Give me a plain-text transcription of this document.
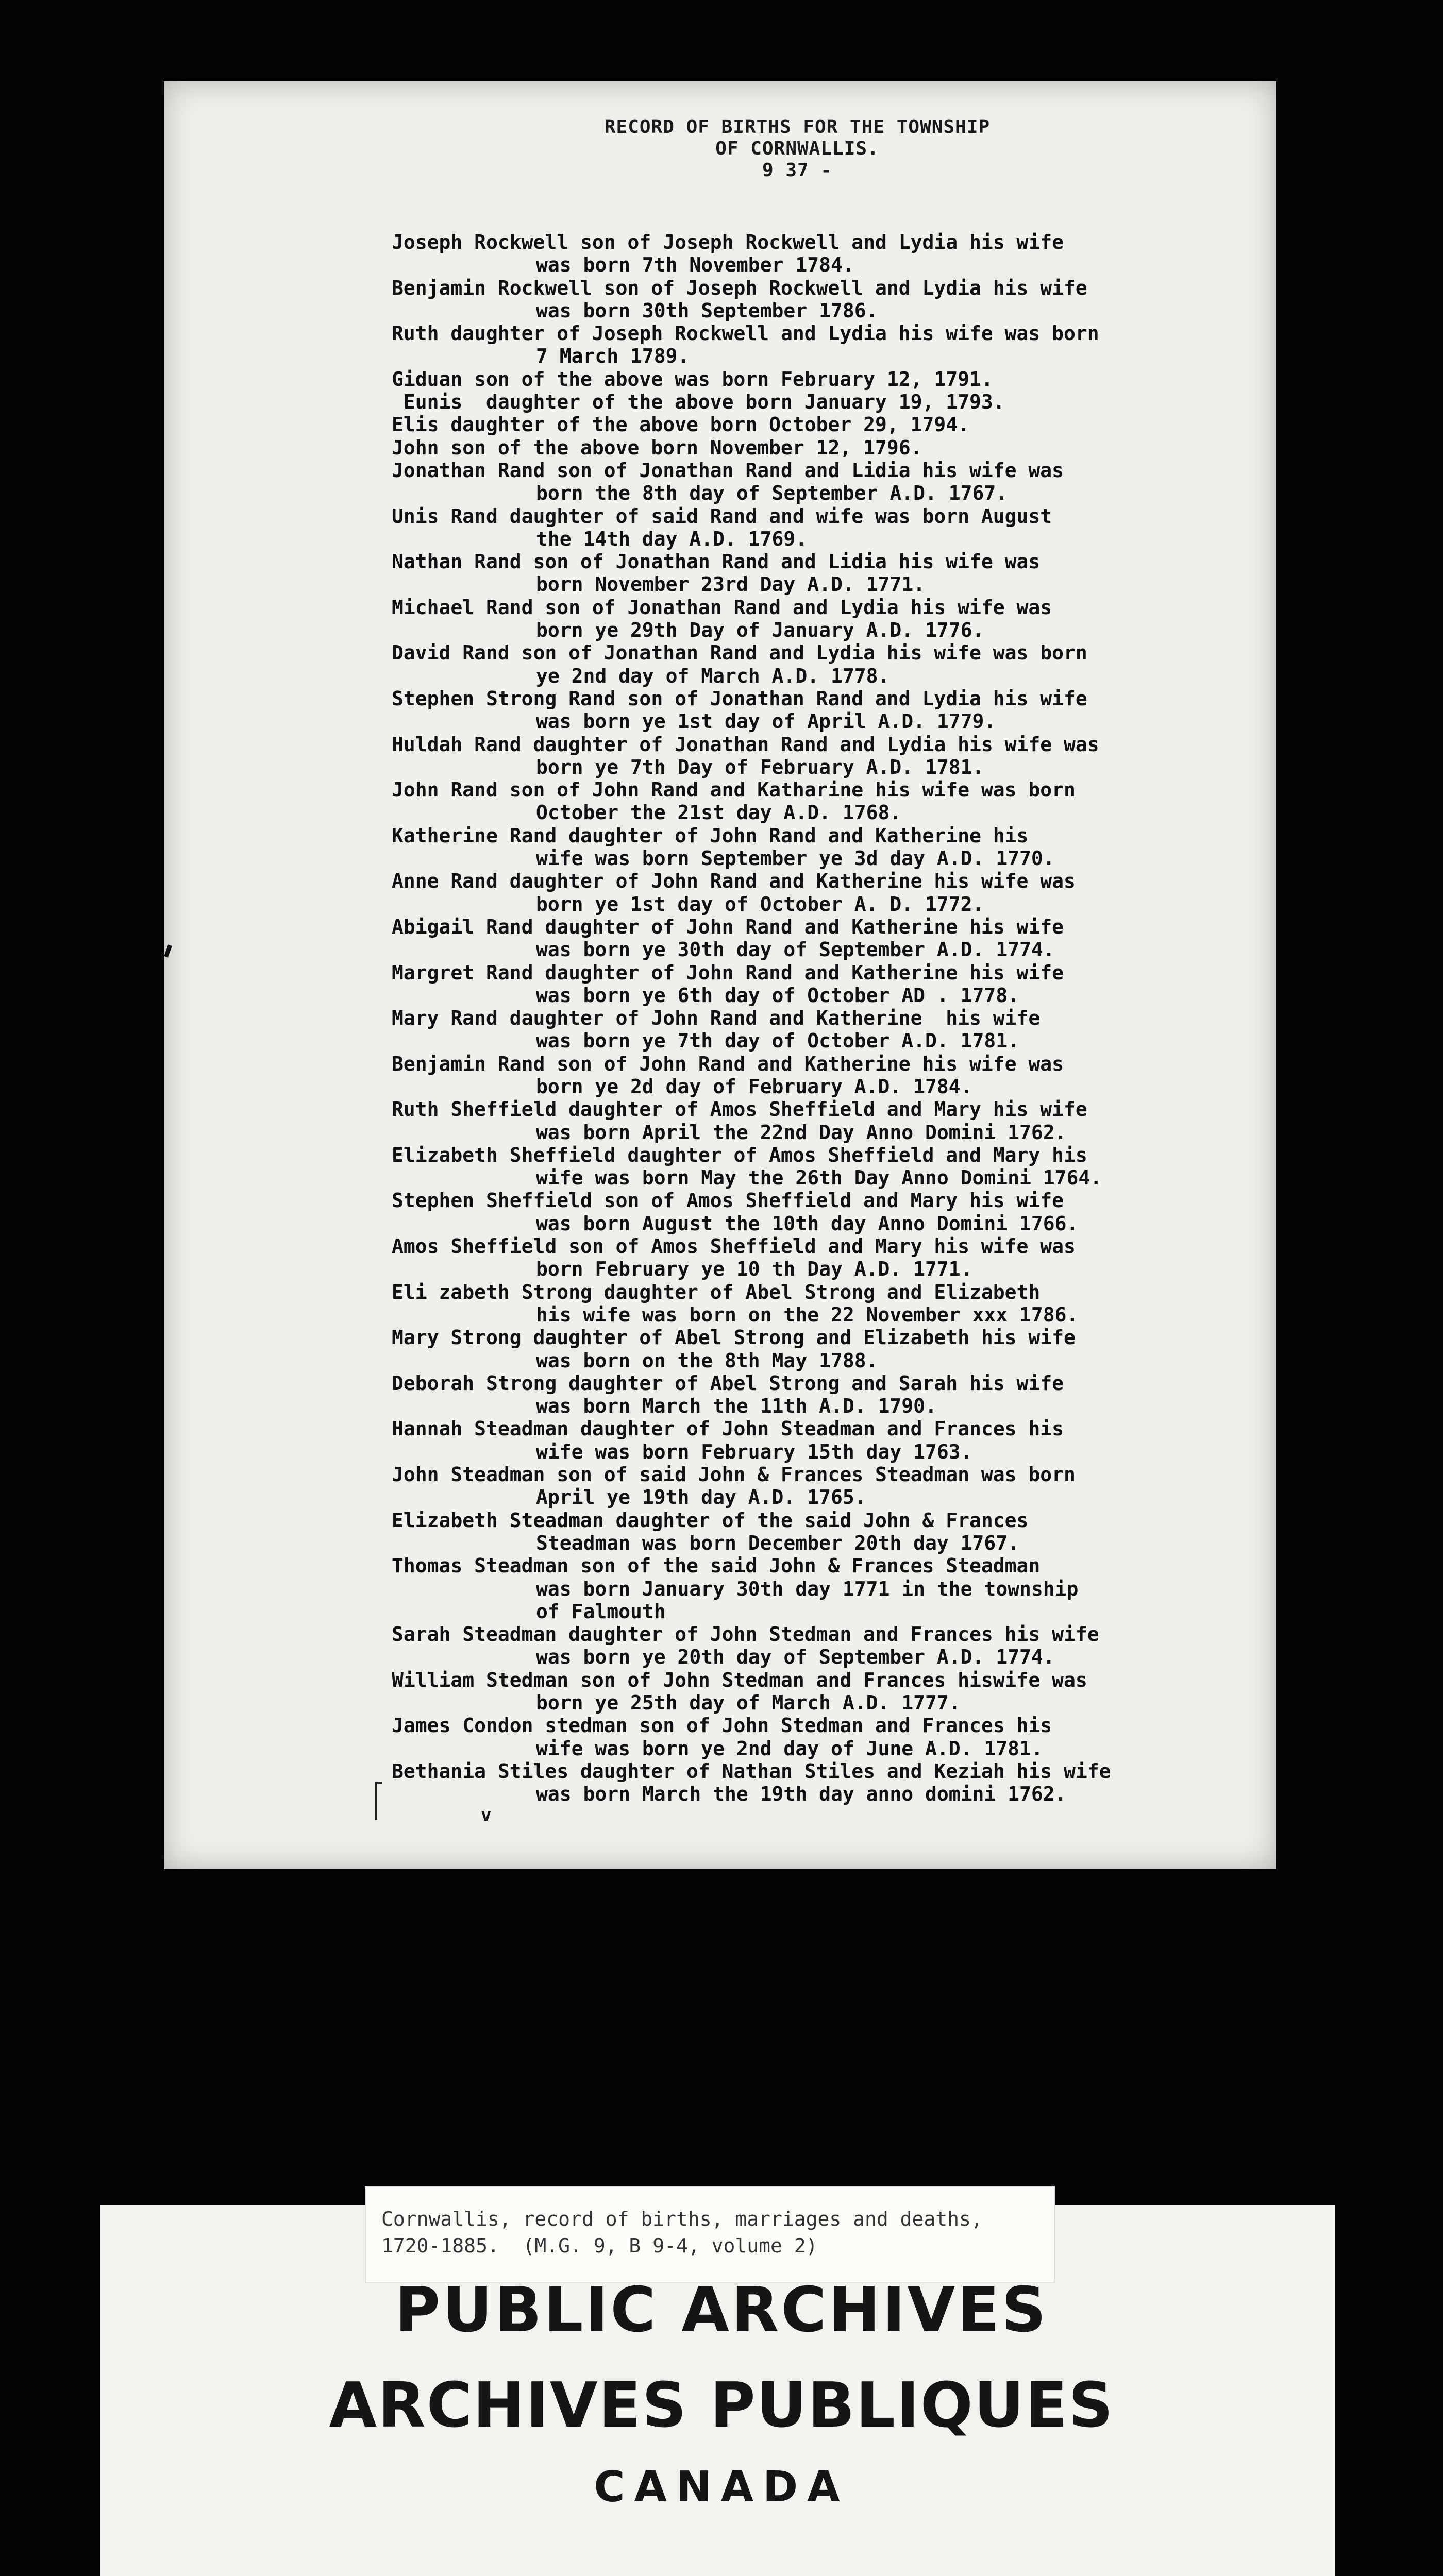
RECORD OF BIRTHS FOR THE TOWNSHIP
OF CORNWALLIS.
9 37 -
v
Joseph Rockwell son of Joseph Rockwell and Lydia his wife
was born 7th November 1784.
Benjamin Rockwell son of Joseph Rockwell and Lydia his wife
was born 30th September 1786.
Ruth daughter of Joseph Rockwell and Lydia his wife was born
7 March 1789.
Giduan son of the above was born February 12, 1791.
Eunis  daughter of the above born January 19, 1793.
Elis daughter of the above born October 29, 1794.
John son of the above born November 12, 1796.
Jonathan Rand son of Jonathan Rand and Lidia his wife was
born the 8th day of September A.D. 1767.
Unis Rand daughter of said Rand and wife was born August
the 14th day A.D. 1769.
Nathan Rand son of Jonathan Rand and Lidia his wife was
born November 23rd Day A.D. 1771.
Michael Rand son of Jonathan Rand and Lydia his wife was
born ye 29th Day of January A.D. 1776.
David Rand son of Jonathan Rand and Lydia his wife was born
ye 2nd day of March A.D. 1778.
Stephen Strong Rand son of Jonathan Rand and Lydia his wife
was born ye 1st day of April A.D. 1779.
Huldah Rand daughter of Jonathan Rand and Lydia his wife was
born ye 7th Day of February A.D. 1781.
John Rand son of John Rand and Katharine his wife was born
October the 21st day A.D. 1768.
Katherine Rand daughter of John Rand and Katherine his
wife was born September ye 3d day A.D. 1770.
Anne Rand daughter of John Rand and Katherine his wife was
born ye 1st day of October A. D. 1772.
Abigail Rand daughter of John Rand and Katherine his wife
was born ye 30th day of September A.D. 1774.
Margret Rand daughter of John Rand and Katherine his wife
was born ye 6th day of October AD . 1778.
Mary Rand daughter of John Rand and Katherine  his wife
was born ye 7th day of October A.D. 1781.
Benjamin Rand son of John Rand and Katherine his wife was
born ye 2d day of February A.D. 1784.
Ruth Sheffield daughter of Amos Sheffield and Mary his wife
was born April the 22nd Day Anno Domini 1762.
Elizabeth Sheffield daughter of Amos Sheffield and Mary his
wife was born May the 26th Day Anno Domini 1764.
Stephen Sheffield son of Amos Sheffield and Mary his wife
was born August the 10th day Anno Domini 1766.
Amos Sheffield son of Amos Sheffield and Mary his wife was
born February ye 10 th Day A.D. 1771.
Eli zabeth Strong daughter of Abel Strong and Elizabeth
his wife was born on the 22 November xxx 1786.
Mary Strong daughter of Abel Strong and Elizabeth his wife
was born on the 8th May 1788.
Deborah Strong daughter of Abel Strong and Sarah his wife
was born March the 11th A.D. 1790.
Hannah Steadman daughter of John Steadman and Frances his
wife was born February 15th day 1763.
John Steadman son of said John & Frances Steadman was born
April ye 19th day A.D. 1765.
Elizabeth Steadman daughter of the said John & Frances
Steadman was born December 20th day 1767.
Thomas Steadman son of the said John & Frances Steadman
was born January 30th day 1771 in the township
of Falmouth
Sarah Steadman daughter of John Stedman and Frances his wife
was born ye 20th day of September A.D. 1774.
William Stedman son of John Stedman and Frances hiswife was
born ye 25th day of March A.D. 1777.
James Condon stedman son of John Stedman and Frances his
wife was born ye 2nd day of June A.D. 1781.
Bethania Stiles daughter of Nathan Stiles and Keziah his wife
was born March the 19th day anno domini 1762.
Cornwallis, record of births, marriages and deaths,
1720-1885.  (M.G. 9, B 9-4, volume 2)
PUBLIC ARCHIVES
ARCHIVES PUBLIQUES
CANADA
